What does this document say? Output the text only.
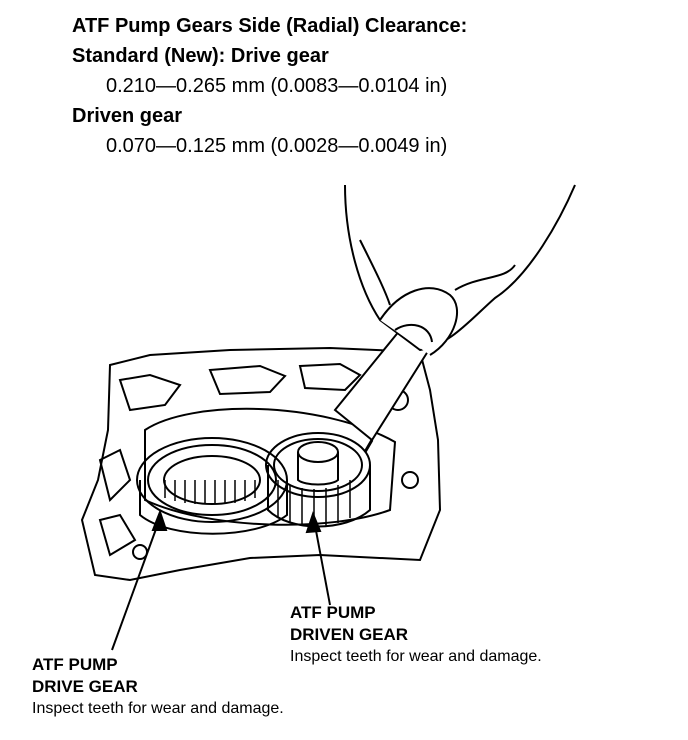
ATF Pump Gears Side (Radial) Clearance:
Standard (New): Drive gear
0.210—0.265 mm (0.0083—0.0104 in)
Driven gear
0.070—0.125 mm (0.0028—0.0049 in)
ATF PUMP
DRIVEN GEAR
Inspect teeth for wear and damage.
ATF PUMP
DRIVE GEAR
Inspect teeth for wear and damage.
